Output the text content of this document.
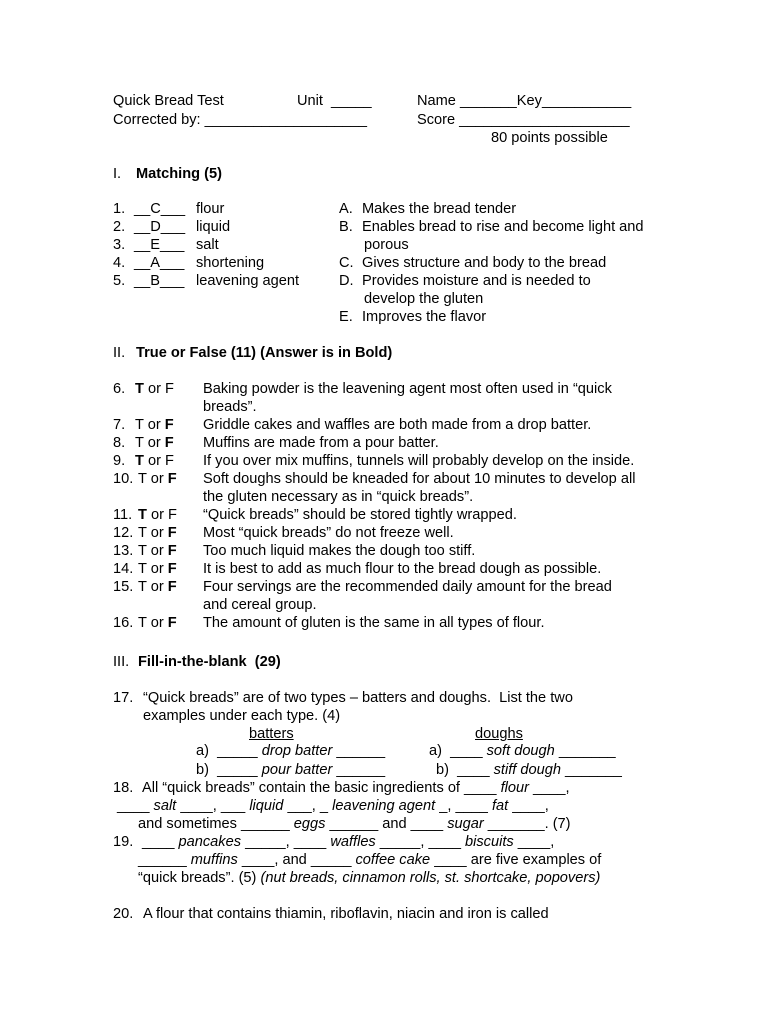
Quick Bread Test	Unit  _____	Name _______Key___________
Corrected by: ____________________	Score _____________________
80 points possible
I. Matching (5)
1. __C___ flour
2. __D___ liquid
3. __E___ salt
4. __A___ shortening
5. __B___ leavening agent
A. Makes the bread tender
B. Enables bread to rise and become light and
porous
C. Gives structure and body to the bread
D. Provides moisture and is needed to
develop the gluten
E. Improves the flavor
II. True or False (11) (Answer is in Bold)
6. T or F Baking powder is the leavening agent most often used in “quick
breads”.
7. T or F Griddle cakes and waffles are both made from a drop batter.
8. T or F Muffins are made from a pour batter.
9. T or F If you over mix muffins, tunnels will probably develop on the inside.
10. T or F Soft doughs should be kneaded for about 10 minutes to develop all
the gluten necessary as in “quick breads”.
11. T or F “Quick breads” should be stored tightly wrapped.
12. T or F Most “quick breads” do not freeze well.
13. T or F Too much liquid makes the dough too stiff.
14. T or F It is best to add as much flour to the bread dough as possible.
15. T or F Four servings are the recommended daily amount for the bread
and cereal group.
16. T or F The amount of gluten is the same in all types of flour.
III. Fill-in-the-blank  (29)
17. “Quick breads” are of two types – batters and doughs.  List the two
examples under each type. (4)
batters	doughs
a) _____ drop batter ______	a) ____ soft dough _______
b) _____ pour batter ______	b) ____ stiff dough _______
18. All “quick breads” contain the basic ingredients of ____ flour ____,
____ salt ____, ___ liquid ___, _ leavening agent _, ____ fat ____,
and sometimes ______ eggs ______ and ____ sugar _______. (7)
19. ____ pancakes _____, ____ waffles _____, ____ biscuits ____,
______ muffins ____, and _____ coffee cake ____ are five examples of
“quick breads”. (5) (nut breads, cinnamon rolls, st. shortcake, popovers)
20. A flour that contains thiamin, riboflavin, niacin and iron is called
